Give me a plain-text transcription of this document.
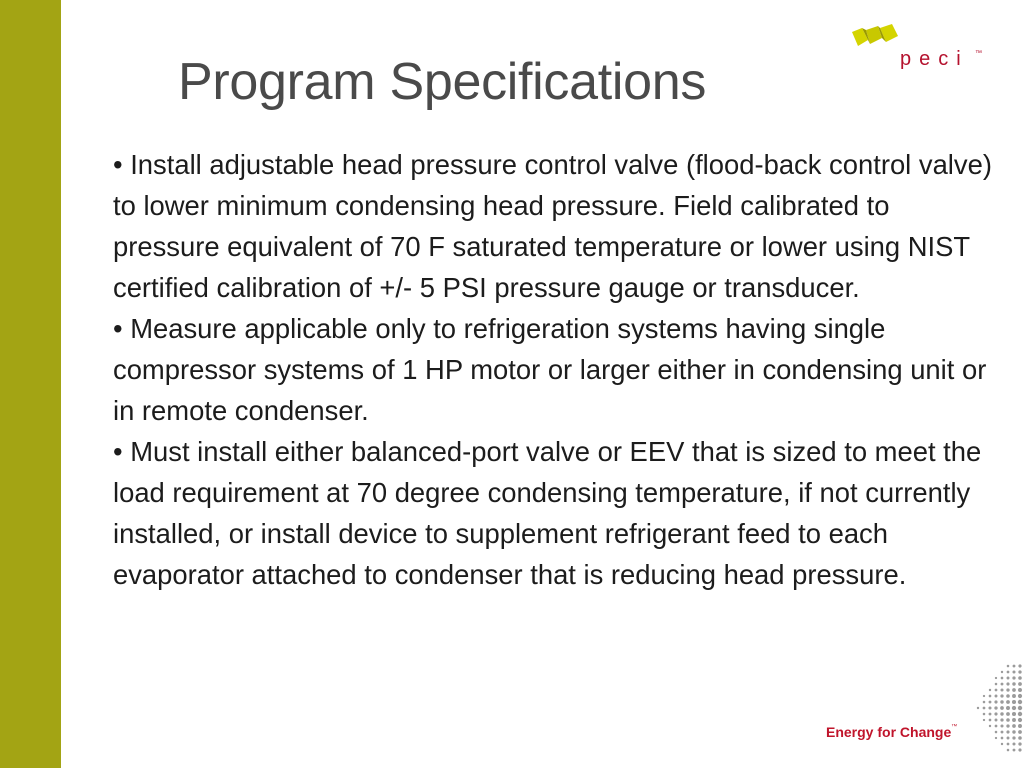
Program Specifications	peci ™
• Install adjustable head pressure control valve (flood-back control valve) to lower minimum condensing head pressure. Field calibrated to pressure equivalent of 70 F saturated temperature or lower using NIST certified calibration of +/- 5 PSI pressure gauge or transducer.
• Measure applicable only to refrigeration systems having single compressor systems of 1 HP motor or larger either in condensing unit or in remote condenser.
• Must install either balanced-port valve or EEV that is sized to meet the load requirement at 70 degree condensing temperature, if not currently installed, or install device to supplement refrigerant feed to each evaporator attached to condenser that is reducing head pressure.
Energy for Change™
